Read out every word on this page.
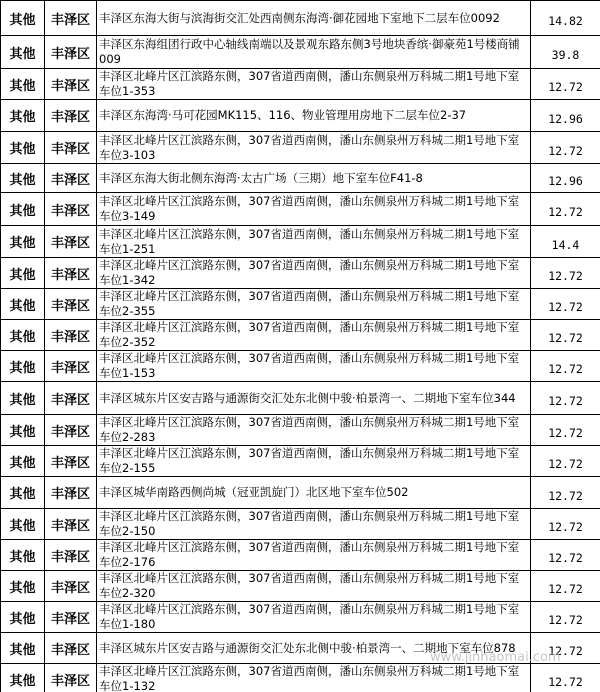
其他	丰泽区	丰泽区东海大街与滨海街交汇处西南侧东海湾·御花园地下室地下二层车位0092	14.82
其他	丰泽区	丰泽区东海组团行政中心轴线南端以及景观东路东侧3号地块香缤·御豪苑1号楼商铺009	39.8
其他	丰泽区	丰泽区北峰片区江滨路东侧，307省道西南侧，潘山东侧泉州万科城二期1号地下室车位1-353	12.72
其他	丰泽区	丰泽区东海湾·马可花园MK115、116、物业管理用房地下二层车位2-37	12.96
其他	丰泽区	丰泽区北峰片区江滨路东侧，307省道西南侧，潘山东侧泉州万科城二期1号地下室车位3-103	12.72
其他	丰泽区	丰泽区东海大街北侧东海湾·太古广场（三期）地下室车位F41-8	12.96
其他	丰泽区	丰泽区北峰片区江滨路东侧，307省道西南侧，潘山东侧泉州万科城二期1号地下室车位3-149	12.72
其他	丰泽区	丰泽区北峰片区江滨路东侧，307省道西南侧，潘山东侧泉州万科城二期1号地下室车位1-251	14.4
其他	丰泽区	丰泽区北峰片区江滨路东侧，307省道西南侧，潘山东侧泉州万科城二期1号地下室车位1-342	12.72
其他	丰泽区	丰泽区北峰片区江滨路东侧，307省道西南侧，潘山东侧泉州万科城二期1号地下室车位2-355	12.72
其他	丰泽区	丰泽区北峰片区江滨路东侧，307省道西南侧，潘山东侧泉州万科城二期1号地下室车位2-352	12.72
其他	丰泽区	丰泽区北峰片区江滨路东侧，307省道西南侧，潘山东侧泉州万科城二期1号地下室车位1-153	12.72
其他	丰泽区	丰泽区城东片区安吉路与通源街交汇处东北侧中骏·柏景湾一、二期地下室车位344	12.72
其他	丰泽区	丰泽区北峰片区江滨路东侧，307省道西南侧，潘山东侧泉州万科城二期1号地下室车位2-283	12.72
其他	丰泽区	丰泽区北峰片区江滨路东侧，307省道西南侧，潘山东侧泉州万科城二期1号地下室车位2-155	12.72
其他	丰泽区	丰泽区城华南路西侧尚城（冠亚凯旋门）北区地下室车位502	12.72
其他	丰泽区	丰泽区北峰片区江滨路东侧，307省道西南侧，潘山东侧泉州万科城二期1号地下室车位2-150	12.72
其他	丰泽区	丰泽区北峰片区江滨路东侧，307省道西南侧，潘山东侧泉州万科城二期1号地下室车位2-176	12.72
其他	丰泽区	丰泽区北峰片区江滨路东侧，307省道西南侧，潘山东侧泉州万科城二期1号地下室车位2-320	12.72
其他	丰泽区	丰泽区北峰片区江滨路东侧，307省道西南侧，潘山东侧泉州万科城二期1号地下室车位1-180	12.72
其他	丰泽区	丰泽区城东片区安吉路与通源街交汇处东北侧中骏·柏景湾一、二期地下室车位878	12.72
其他	丰泽区	丰泽区北峰片区江滨路东侧，307省道西南侧，潘山东侧泉州万科城二期1号地下室车位1-132	12.72
www.jinhaomai.com
